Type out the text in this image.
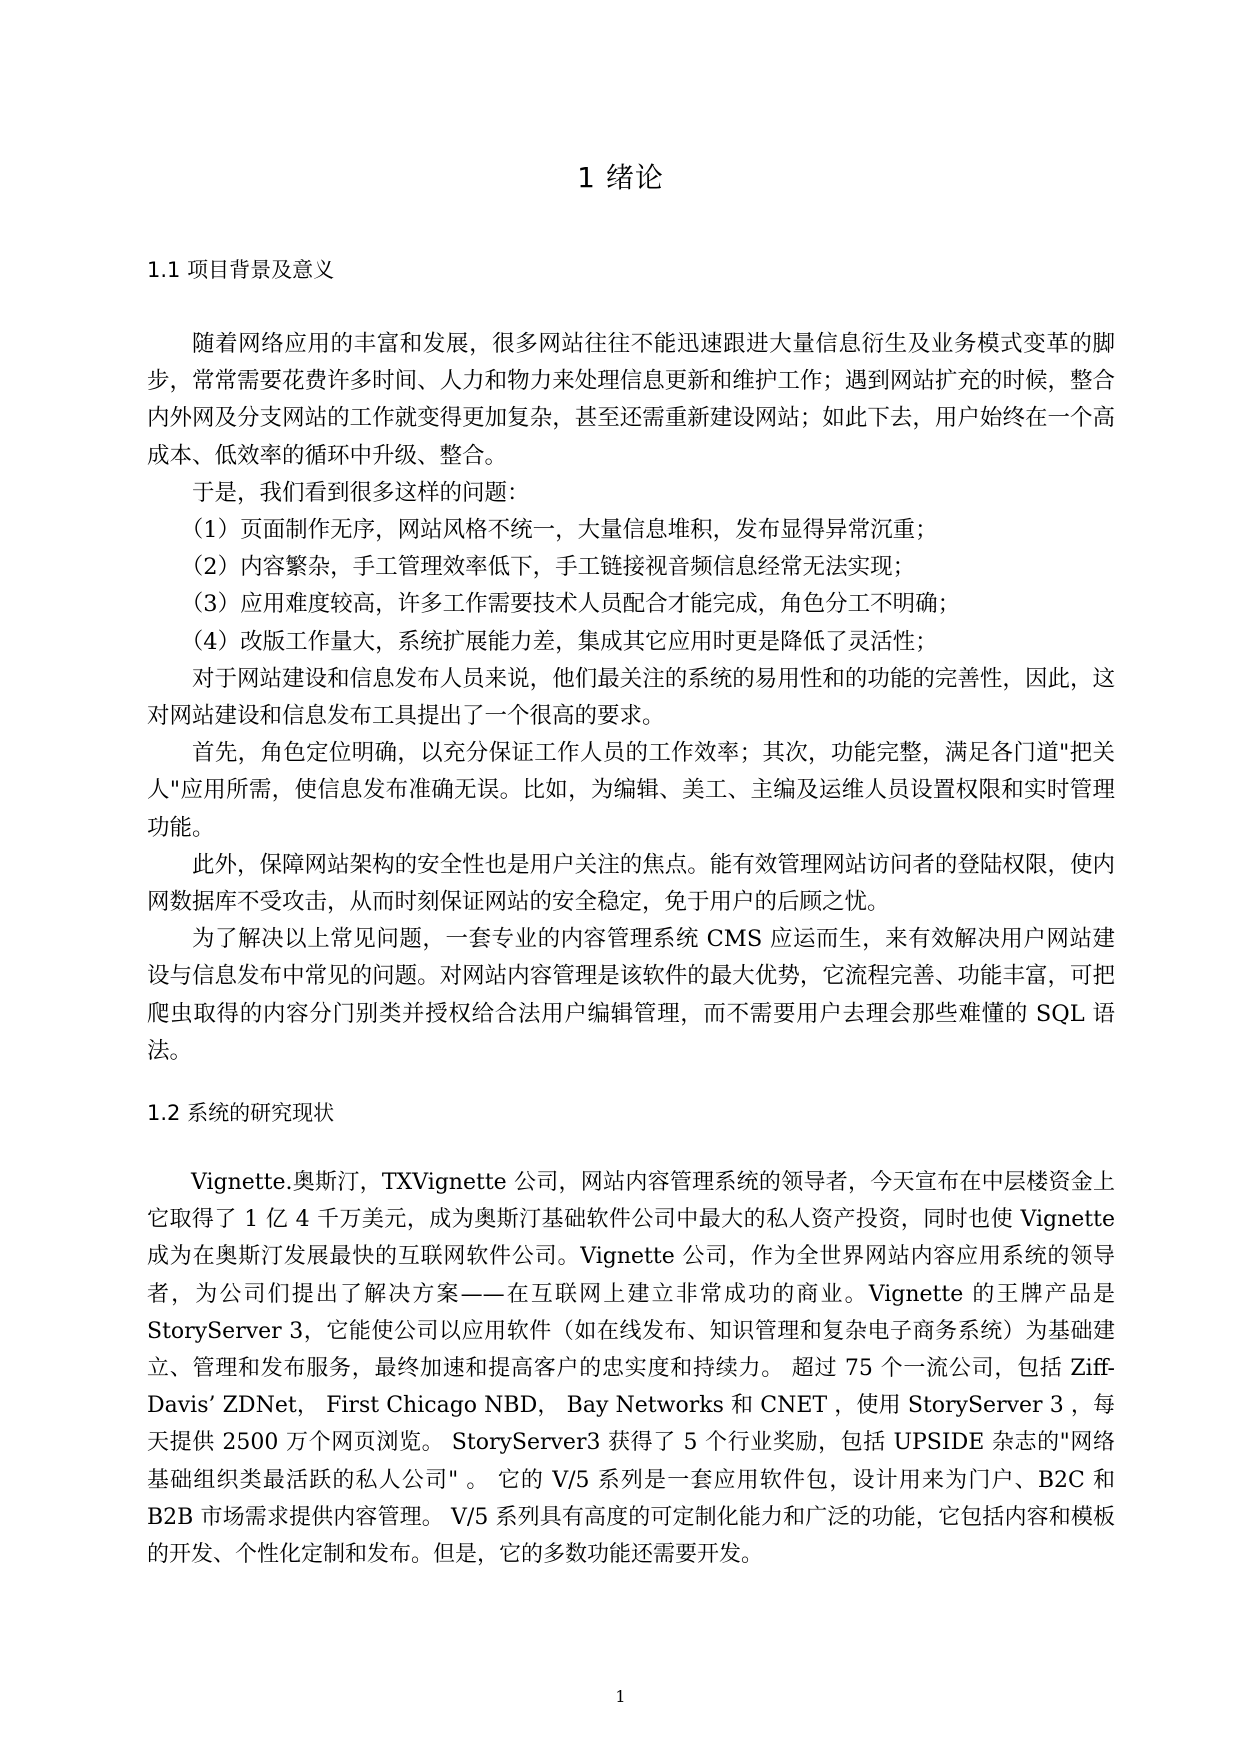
1 绪论
1.1 项目背景及意义

随着网络应用的丰富和发展，很多网站往往不能迅速跟进大量信息衍生及业务模式变革的脚步，常常需要花费许多时间、人力和物力来处理信息更新和维护工作；遇到网站扩充的时候，整合内外网及分支网站的工作就变得更加复杂，甚至还需重新建设网站；如此下去，用户始终在一个高成本、低效率的循环中升级、整合。

于是，我们看到很多这样的问题：

（1）页面制作无序，网站风格不统一，大量信息堆积，发布显得异常沉重；

（2）内容繁杂，手工管理效率低下，手工链接视音频信息经常无法实现；

（3）应用难度较高，许多工作需要技术人员配合才能完成，角色分工不明确；

（4）改版工作量大，系统扩展能力差，集成其它应用时更是降低了灵活性；

对于网站建设和信息发布人员来说，他们最关注的系统的易用性和的功能的完善性，因此，这对网站建设和信息发布工具提出了一个很高的要求。

首先，角色定位明确，以充分保证工作人员的工作效率；其次，功能完整，满足各门道"把关人"应用所需，使信息发布准确无误。比如，为编辑、美工、主编及运维人员设置权限和实时管理功能。

此外，保障网站架构的安全性也是用户关注的焦点。能有效管理网站访问者的登陆权限，使内网数据库不受攻击，从而时刻保证网站的安全稳定，免于用户的后顾之忧。

为了解决以上常见问题，一套专业的内容管理系统 CMS 应运而生，来有效解决用户网站建设与信息发布中常见的问题。对网站内容管理是该软件的最大优势，它流程完善、功能丰富，可把爬虫取得的内容分门别类并授权给合法用户编辑管理，而不需要用户去理会那些难懂的 SQL 语法。

1.2 系统的研究现状

Vignette.奥斯汀，TXVignette 公司，网站内容管理系统的领导者，今天宣布在中层楼资金上它取得了 1 亿 4 千万美元，成为奥斯汀基础软件公司中最大的私人资产投资，同时也使 Vignette 成为在奥斯汀发展最快的互联网软件公司。Vignette 公司，作为全世界网站内容应用系统的领导者，为公司们提出了解决方案——在互联网上建立非常成功的商业。Vignette 的王牌产品是 StoryServer 3，它能使公司以应用软件（如在线发布、知识管理和复杂电子商务系统）为基础建立、管理和发布服务，最终加速和提高客户的忠实度和持续力。 超过 75 个一流公司，包括 Ziff- Davis’ ZDNet， First Chicago NBD， Bay Networks 和 CNET ，使用 StoryServer 3 ，每天提供 2500 万个网页浏览。 StoryServer3 获得了 5 个行业奖励，包括 UPSIDE 杂志的"网络基础组织类最活跃的私人公司" 。 它的 V/5 系列是一套应用软件包，设计用来为门户、B2C 和 B2B 市场需求提供内容管理。 V/5 系列具有高度的可定制化能力和广泛的功能，它包括内容和模板的开发、个性化定制和发布。但是，它的多数功能还需要开发。

1
